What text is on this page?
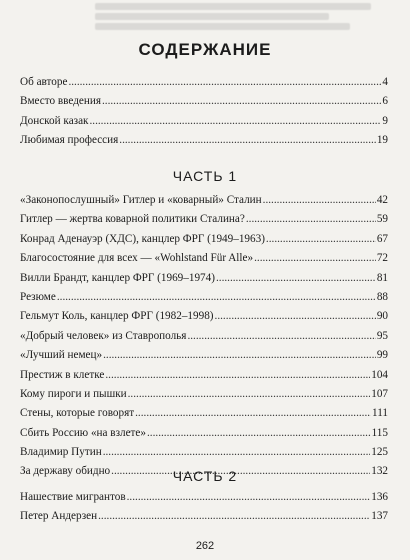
СОДЕРЖАНИЕ
Об авторе .....	4
Вместо введения .....	6
Донской казак .....	9
Любимая профессия .....	19
ЧАСТЬ 1
«Законопослушный» Гитлер и «коварный» Сталин .....	42
Гитлер — жертва коварной политики Сталина? .....	59
Конрад Аденауэр (ХДС), канцлер ФРГ (1949–1963) .....	67
Благосостояние для всех — «Wohlstand Für Alle» .....	72
Вилли Брандт, канцлер ФРГ (1969–1974) .....	81
Резюме .....	88
Гельмут Коль, канцлер ФРГ (1982–1998) .....	90
«Добрый человек» из Ставрополья .....	95
«Лучший немец» .....	99
Престиж в клетке .....	104
Кому пироги и пышки .....	107
Стены, которые говорят .....	111
Сбить Россию «на взлете» .....	115
Владимир Путин .....	125
За державу обидно .....	132
ЧАСТЬ 2
Нашествие мигрантов .....	136
Петер Андерзен .....	137
262
